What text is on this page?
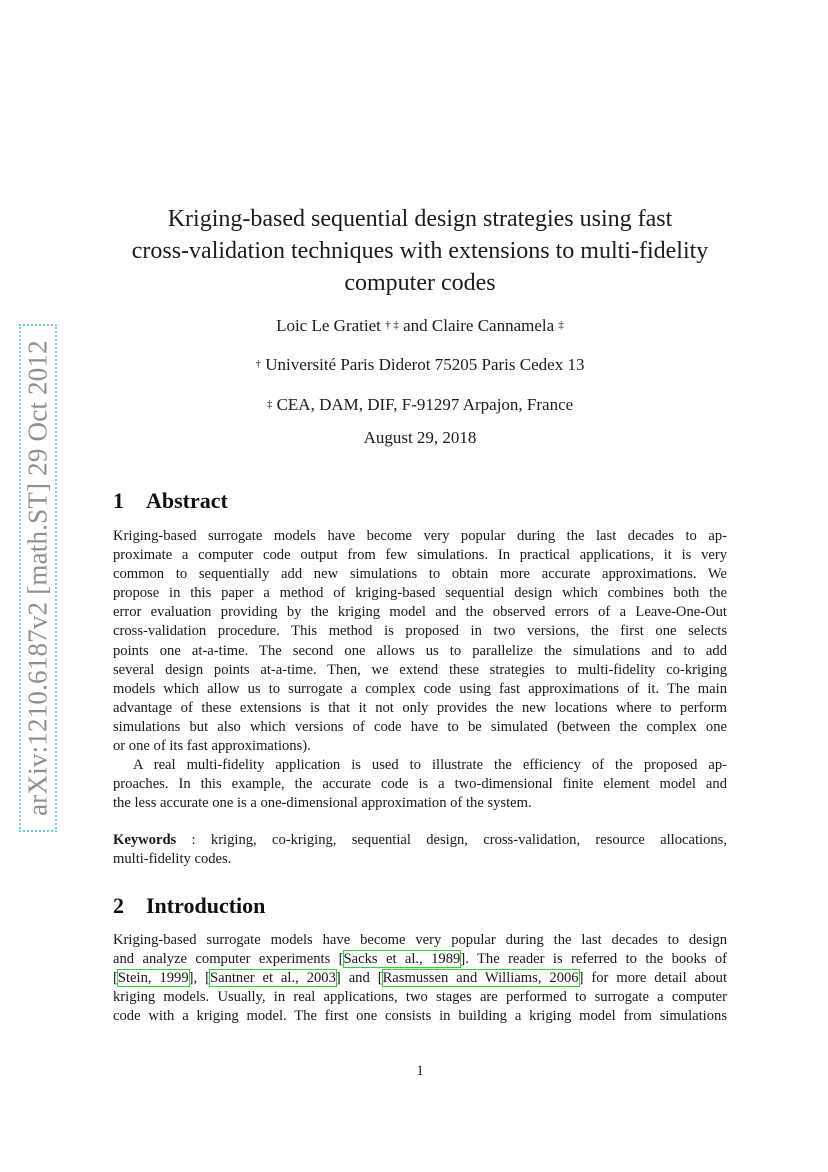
arXiv:1210.6187v2 [math.ST] 29 Oct 2012
Kriging-based sequential design strategies using fast
cross-validation techniques with extensions to multi-fidelity
computer codes
Loic Le Gratiet † ‡ and Claire Cannamela ‡
† Université Paris Diderot 75205 Paris Cedex 13
‡ CEA, DAM, DIF, F-91297 Arpajon, France
August 29, 2018
1 Abstract
Kriging-based surrogate models have become very popular during the last decades to ap-
proximate a computer code output from few simulations. In practical applications, it is very
common to sequentially add new simulations to obtain more accurate approximations. We
propose in this paper a method of kriging-based sequential design which combines both the
error evaluation providing by the kriging model and the observed errors of a Leave-One-Out
cross-validation procedure. This method is proposed in two versions, the first one selects
points one at-a-time. The second one allows us to parallelize the simulations and to add
several design points at-a-time. Then, we extend these strategies to multi-fidelity co-kriging
models which allow us to surrogate a complex code using fast approximations of it. The main
advantage of these extensions is that it not only provides the new locations where to perform
simulations but also which versions of code have to be simulated (between the complex one
or one of its fast approximations).
A real multi-fidelity application is used to illustrate the efficiency of the proposed ap-
proaches. In this example, the accurate code is a two-dimensional finite element model and
the less accurate one is a one-dimensional approximation of the system.
Keywords : kriging, co-kriging, sequential design, cross-validation, resource allocations,
multi-fidelity codes.
2 Introduction
Kriging-based surrogate models have become very popular during the last decades to design
and analyze computer experiments [Sacks et al., 1989]. The reader is referred to the books of
[Stein, 1999], [Santner et al., 2003] and [Rasmussen and Williams, 2006] for more detail about
kriging models. Usually, in real applications, two stages are performed to surrogate a computer
code with a kriging model. The first one consists in building a kriging model from simulations
1
